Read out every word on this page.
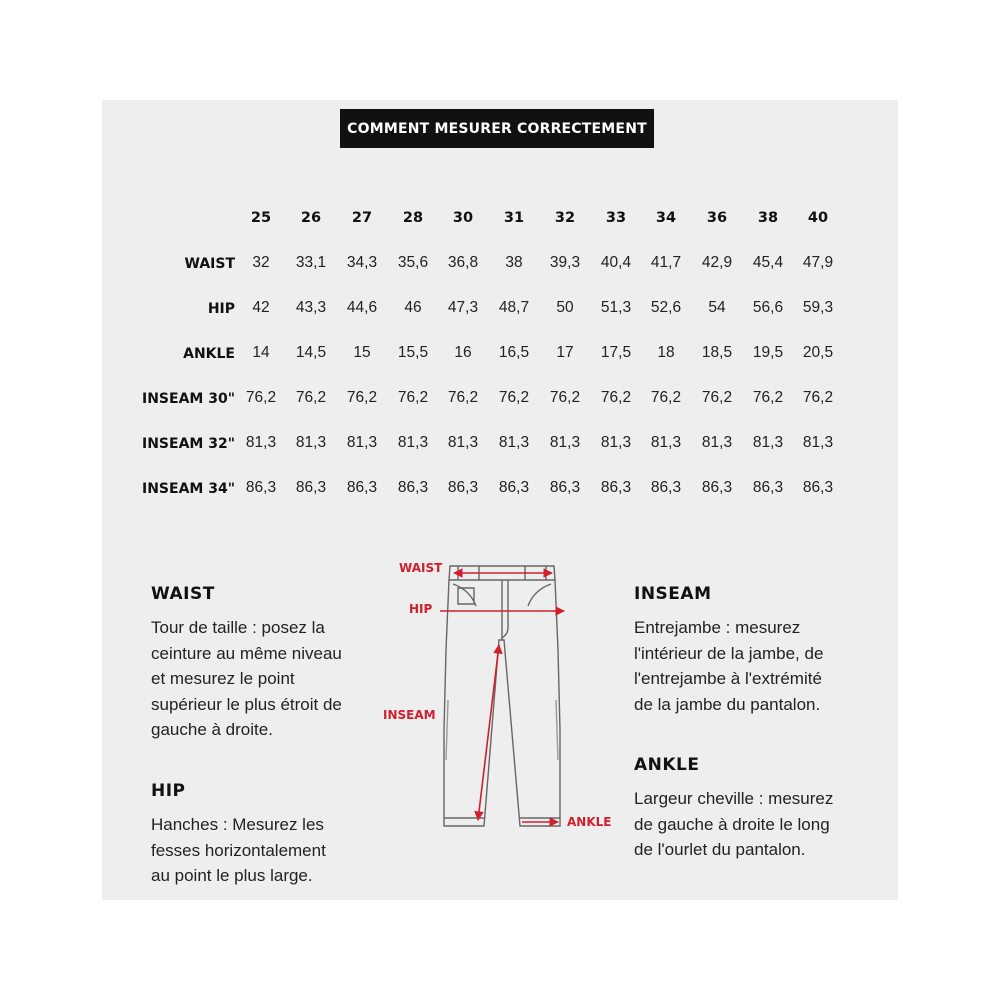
COMMENT MESURER CORRECTEMENT
25 26 27 28 30 31 32 33 34 36 38 40
WAIST 32 33,1 34,3 35,6 36,8 38 39,3 40,4 41,7 42,9 45,4 47,9
HIP 42 43,3 44,6 46 47,3 48,7 50 51,3 52,6 54 56,6 59,3
ANKLE 14 14,5 15 15,5 16 16,5 17 17,5 18 18,5 19,5 20,5
INSEAM 30" 76,2 76,2 76,2 76,2 76,2 76,2 76,2 76,2 76,2 76,2 76,2 76,2
INSEAM 32" 81,3 81,3 81,3 81,3 81,3 81,3 81,3 81,3 81,3 81,3 81,3 81,3
INSEAM 34" 86,3 86,3 86,3 86,3 86,3 86,3 86,3 86,3 86,3 86,3 86,3 86,3
WAIST
Tour de taille : posez la
ceinture au même niveau
et mesurez le point
supérieur le plus étroit de
gauche à droite.
HIP
Hanches : Mesurez les
fesses horizontalement
au point le plus large.
INSEAM
Entrejambe : mesurez
l'intérieur de la jambe, de
l'entrejambe à l'extrémité
de la jambe du pantalon.
ANKLE
Largeur cheville : mesurez
de gauche à droite le long
de l'ourlet du pantalon.
WAIST
HIP
INSEAM
ANKLE
